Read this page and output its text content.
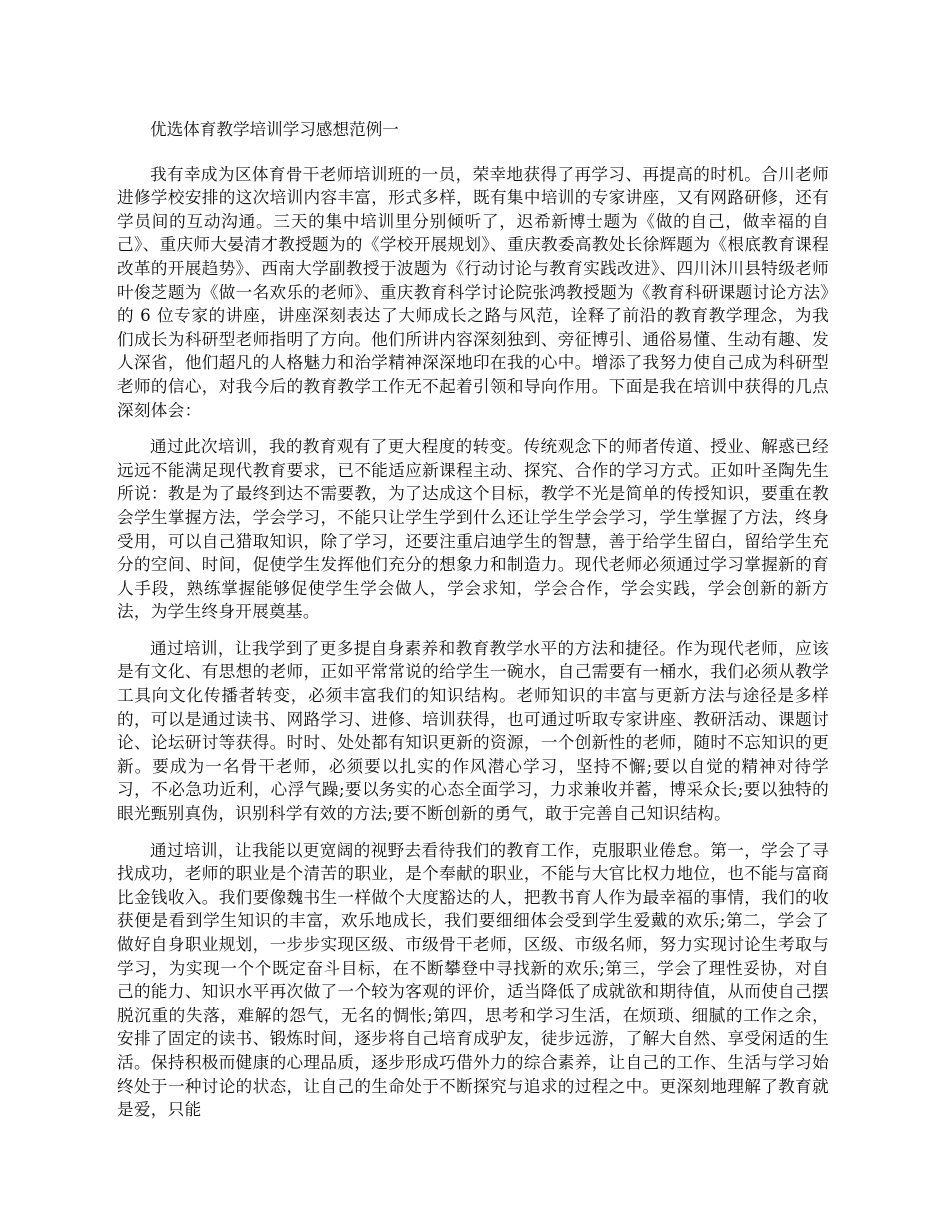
优选体育教学培训学习感想范例一

我有幸成为区体育骨干老师培训班的一员，荣幸地获得了再学习、再提高的时机。合川老师进修学校安排的这次培训内容丰富，形式多样，既有集中培训的专家讲座，又有网路研修，还有学员间的互动沟通。三天的集中培训里分别倾听了，迟希新博士题为《做的自己，做幸福的自己》、重庆师大晏清才教授题为的《学校开展规划》、重庆教委高教处长徐辉题为《根底教育课程改革的开展趋势》、西南大学副教授于波题为《行动讨论与教育实践改进》、四川沐川县特级老师叶俊芝题为《做一名欢乐的老师》、重庆教育科学讨论院张鸿教授题为《教育科研课题讨论方法》的 6 位专家的讲座，讲座深刻表达了大师成长之路与风范，诠释了前沿的教育教学理念，为我们成长为科研型老师指明了方向。他们所讲内容深刻独到、旁征博引、通俗易懂、生动有趣、发人深省，他们超凡的人格魅力和治学精神深深地印在我的心中。增添了我努力使自己成为科研型老师的信心，对我今后的教育教学工作无不起着引领和导向作用。下面是我在培训中获得的几点深刻体会：

通过此次培训，我的教育观有了更大程度的转变。传统观念下的师者传道、授业、解惑已经远远不能满足现代教育要求，已不能适应新课程主动、探究、合作的学习方式。正如叶圣陶先生所说：教是为了最终到达不需要教，为了达成这个目标，教学不光是简单的传授知识，要重在教会学生掌握方法，学会学习，不能只让学生学到什么还让学生学会学习，学生掌握了方法，终身受用，可以自己猎取知识，除了学习，还要注重启迪学生的智慧，善于给学生留白，留给学生充分的空间、时间，促使学生发挥他们充分的想象力和制造力。现代老师必须通过学习掌握新的育人手段，熟练掌握能够促使学生学会做人，学会求知，学会合作，学会实践，学会创新的新方法，为学生终身开展奠基。

通过培训，让我学到了更多提自身素养和教育教学水平的方法和捷径。作为现代老师，应该是有文化、有思想的老师，正如平常常说的给学生一碗水，自己需要有一桶水，我们必须从教学工具向文化传播者转变，必须丰富我们的知识结构。老师知识的丰富与更新方法与途径是多样的，可以是通过读书、网路学习、进修、培训获得，也可通过听取专家讲座、教研活动、课题讨论、论坛研讨等获得。时时、处处都有知识更新的资源，一个创新性的老师，随时不忘知识的更新。要成为一名骨干老师，必须要以扎实的作风潜心学习，坚持不懈;要以自觉的精神对待学习，不必急功近利，心浮气躁;要以务实的心态全面学习，力求兼收并蓄，博采众长;要以独特的眼光甄别真伪，识别科学有效的方法;要不断创新的勇气，敢于完善自己知识结构。

通过培训，让我能以更宽阔的视野去看待我们的教育工作，克服职业倦怠。第一，学会了寻找成功，老师的职业是个清苦的职业，是个奉献的职业，不能与大官比权力地位，也不能与富商比金钱收入。我们要像魏书生一样做个大度豁达的人，把教书育人作为最幸福的事情，我们的收获便是看到学生知识的丰富，欢乐地成长，我们要细细体会受到学生爱戴的欢乐;第二，学会了做好自身职业规划，一步步实现区级、市级骨干老师，区级、市级名师，努力实现讨论生考取与学习，为实现一个个既定奋斗目标，在不断攀登中寻找新的欢乐;第三，学会了理性妥协，对自己的能力、知识水平再次做了一个较为客观的评价，适当降低了成就欲和期待值，从而使自己摆脱沉重的失落，难解的怨气，无名的惆怅;第四，思考和学习生活，在烦琐、细腻的工作之余，安排了固定的读书、锻炼时间，逐步将自己培育成驴友，徒步远游，了解大自然、享受闲适的生活。保持积极而健康的心理品质，逐步形成巧借外力的综合素养，让自己的工作、生活与学习始终处于一种讨论的状态，让自己的生命处于不断探究与追求的过程之中。更深刻地理解了教育就是爱，只能
